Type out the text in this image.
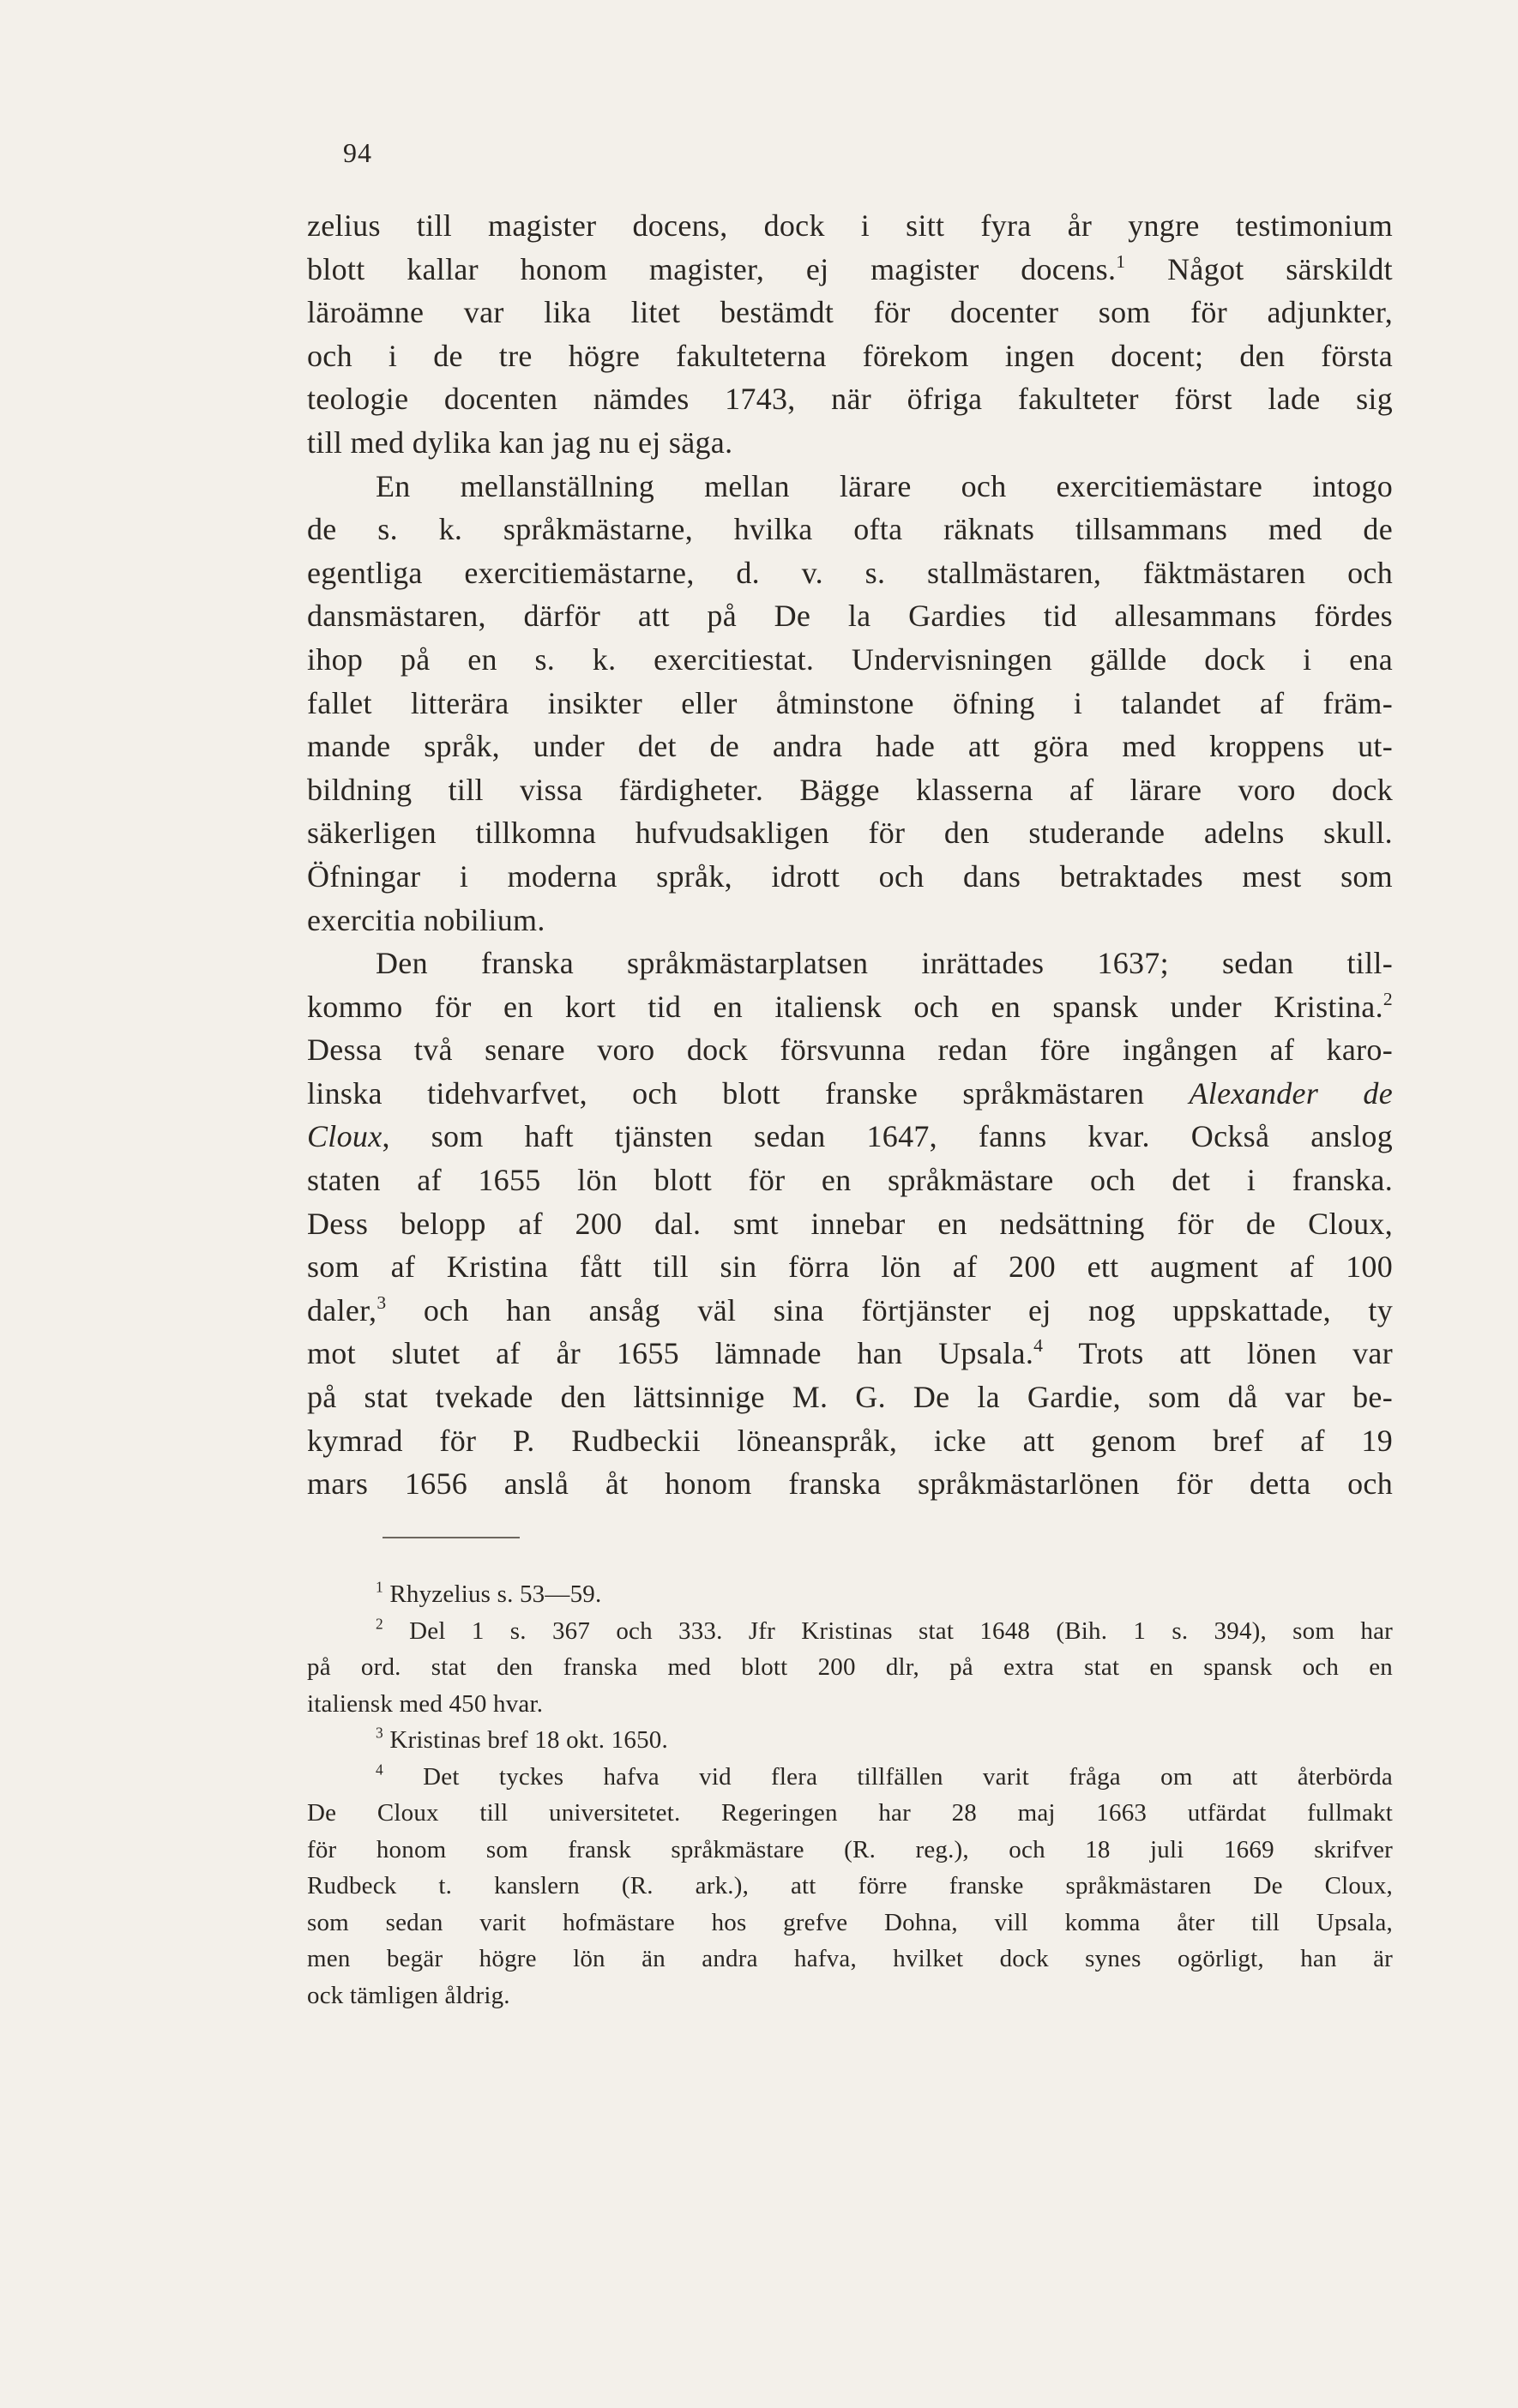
94
zelius till magister docens, dock i sitt fyra år yngre testimonium
blott kallar honom magister, ej magister docens.$^1$ Något särskildt
läroämne var lika litet bestämdt för docenter som för adjunkter,
och i de tre högre fakulteterna förekom ingen docent; den första
teologie docenten nämdes 1743, när öfriga fakulteter först lade sig
till med dylika kan jag nu ej säga.
En mellanställning mellan lärare och exercitiemästare intogo
de s. k. språkmästarne, hvilka ofta räknats tillsammans med de
egentliga exercitiemästarne, d. v. s. stallmästaren, fäktmästaren och
dansmästaren, därför att på De la Gardies tid allesammans fördes
ihop på en s. k. exercitiestat. Undervisningen gällde dock i ena
fallet litterära insikter eller åtminstone öfning i talandet af främ-
mande språk, under det de andra hade att göra med kroppens ut-
bildning till vissa färdigheter. Bägge klasserna af lärare voro dock
säkerligen tillkomna hufvudsakligen för den studerande adelns skull.
Öfningar i moderna språk, idrott och dans betraktades mest som
exercitia nobilium.
Den franska språkmästarplatsen inrättades 1637; sedan till-
kommo för en kort tid en italiensk och en spansk under Kristina.$^2$
Dessa två senare voro dock försvunna redan före ingången af karo-
linska tidehvarfvet, och blott franske språkmästaren Alexander de
Cloux, som haft tjänsten sedan 1647, fanns kvar. Också anslog
staten af 1655 lön blott för en språkmästare och det i franska.
Dess belopp af 200 dal. smt innebar en nedsättning för de Cloux,
som af Kristina fått till sin förra lön af 200 ett augment af 100
daler,$^3$ och han ansåg väl sina förtjänster ej nog uppskattade, ty
mot slutet af år 1655 lämnade han Upsala.$^4$ Trots att lönen var
på stat tvekade den lättsinnige M. G. De la Gardie, som då var be-
kymrad för P. Rudbeckii löneanspråk, icke att genom bref af 19
mars 1656 anslå åt honom franska språkmästarlönen för detta och
$^1$ Rhyzelius s. 53—59.
$^2$ Del 1 s. 367 och 333. Jfr Kristinas stat 1648 (Bih. 1 s. 394), som har
på ord. stat den franska med blott 200 dlr, på extra stat en spansk och en
italiensk med 450 hvar.
$^3$ Kristinas bref 18 okt. 1650.
$^4$ Det tyckes hafva vid flera tillfällen varit fråga om att återbörda
De Cloux till universitetet. Regeringen har 28 maj 1663 utfärdat fullmakt
för honom som fransk språkmästare (R. reg.), och 18 juli 1669 skrifver
Rudbeck t. kanslern (R. ark.), att förre franske språkmästaren De Cloux,
som sedan varit hofmästare hos grefve Dohna, vill komma åter till Upsala,
men begär högre lön än andra hafva, hvilket dock synes ogörligt, han är
ock tämligen åldrig.
